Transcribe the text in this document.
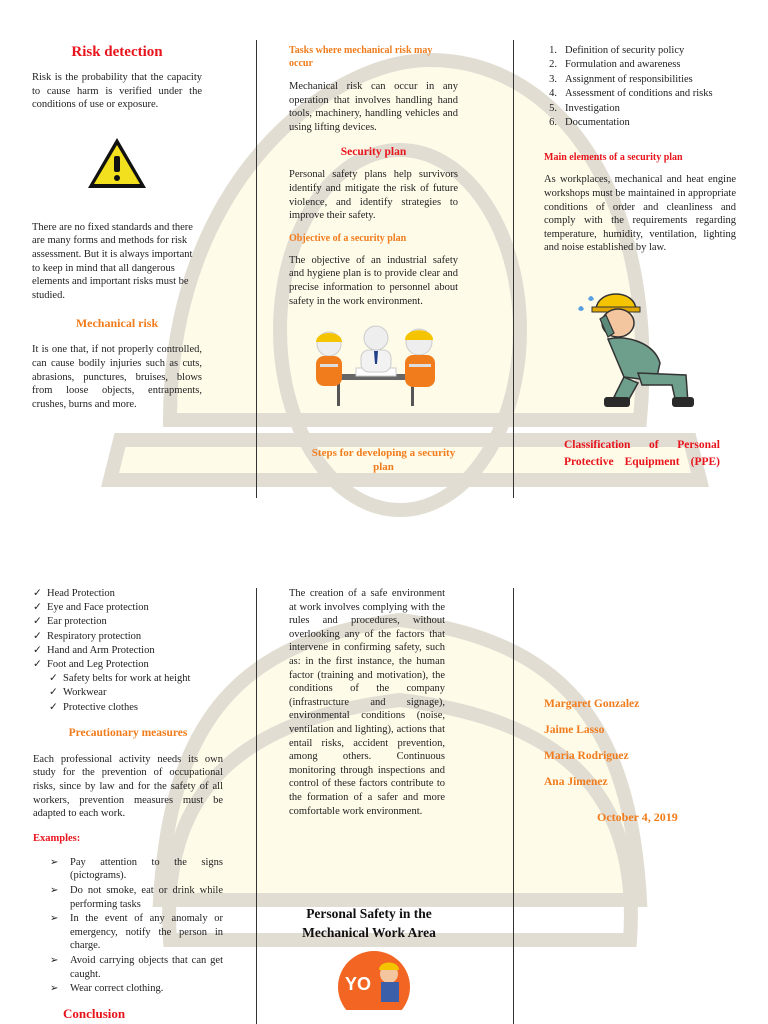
Risk detection

Risk is the probability that the capacity to cause harm is verified under the conditions of use or exposure.

There are no fixed standards and there are many forms and methods for risk assessment. But it is always important to keep in mind that all dangerous elements and important risks must be studied.

Mechanical risk

It is one that, if not properly controlled, can cause bodily injuries such as cuts, abrasions, punctures, bruises, blows from loose objects, entrapments, crushes, burns and more.

Tasks where mechanical risk may occur

Mechanical risk can occur in any operation that involves handling hand tools, machinery, handling vehicles and using lifting devices.

Security plan

Personal safety plans help survivors identify and mitigate the risk of future violence, and identify strategies to improve their safety.

Objective of a security plan

The objective of an industrial safety and hygiene plan is to provide clear and precise information to personnel about safety in the work environment.

Steps for developing a security plan

1. Definition of security policy
2. Formulation and awareness
3. Assignment of responsibilities
4. Assessment of conditions and risks
5. Investigation
6. Documentation

Main elements of a security plan

As workplaces, mechanical and heat engine workshops must be maintained in appropriate conditions of order and cleanliness and comply with the requirements regarding temperature, humidity, ventilation, lighting and noise established by law.

Classification of Personal Protective Equipment (PPE)

✓ Head Protection
✓ Eye and Face protection
✓ Ear protection
✓ Respiratory protection
✓ Hand and Arm Protection
✓ Foot and Leg Protection
✓ Safety belts for work at height
✓ Workwear
✓ Protective clothes

Precautionary measures

Each professional activity needs its own study for the prevention of occupational risks, since by law and for the safety of all workers, prevention measures must be adapted to each work.

Examples:

➢	Pay attention to the signs (pictograms).
➢	Do not smoke, eat or drink while performing tasks
➢	In the event of any anomaly or emergency, notify the person in charge.
➢	Avoid carrying objects that can get caught.
➢	Wear correct clothing.

Conclusion

The creation of a safe environment at work involves complying with the rules and procedures, without overlooking any of the factors that intervene in confirming safety, such as: in the first instance, the human factor (training and motivation), the conditions of the company (infrastructure and signage), environmental conditions (noise, ventilation and lighting), actions that entail risks, accident prevention, among others. Continuous monitoring through inspections and control of these factors contribute to the formation of a safer and more comfortable work environment.

Personal Safety in the Mechanical Work Area

YO

Margaret Gonzalez

Jaime Lasso

Maria Rodriguez

Ana Jimenez

October 4, 2019
